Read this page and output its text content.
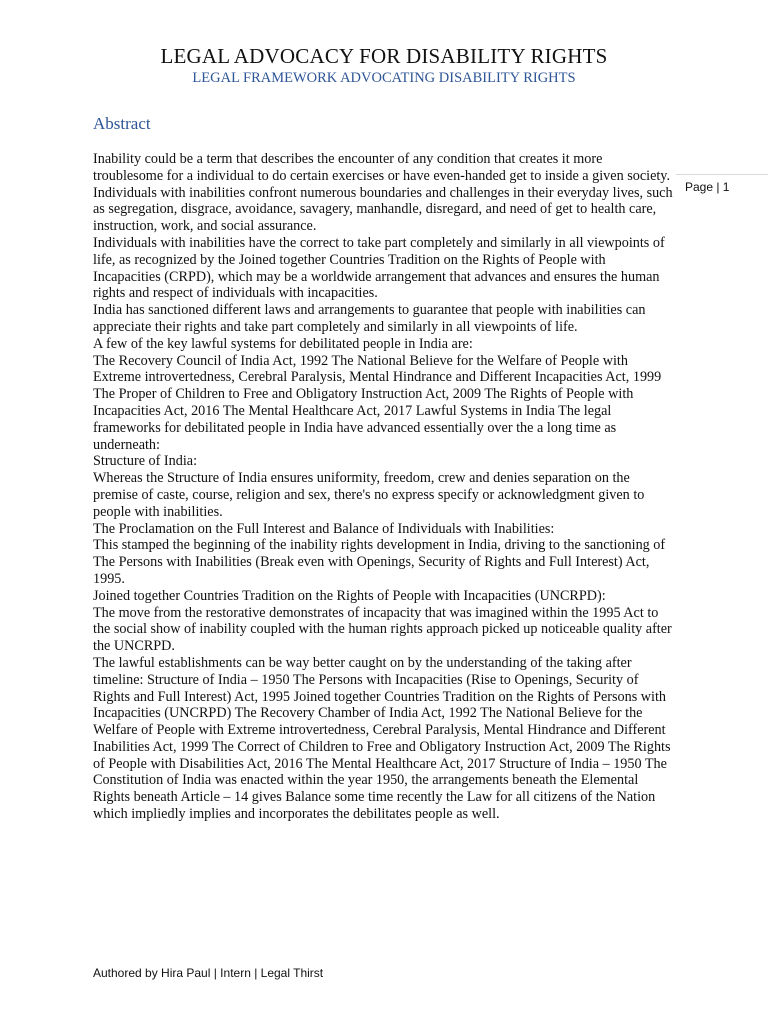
LEGAL ADVOCACY FOR DISABILITY RIGHTS
LEGAL FRAMEWORK ADVOCATING DISABILITY RIGHTS
Abstract

Inability could be a term that describes the encounter of any condition that creates it more troublesome for a individual to do certain exercises or have even-handed get to inside a given society. Individuals with inabilities confront numerous boundaries and challenges in their everyday lives, such as segregation, disgrace, avoidance, savagery, manhandle, disregard, and need of get to health care, instruction, work, and social assurance.

Individuals with inabilities have the correct to take part completely and similarly in all viewpoints of life, as recognized by the Joined together Countries Tradition on the Rights of People with Incapacities (CRPD), which may be a worldwide arrangement that advances and ensures the human rights and respect of individuals with incapacities.

India has sanctioned different laws and arrangements to guarantee that people with inabilities can appreciate their rights and take part completely and similarly in all viewpoints of life.

A few of the key lawful systems for debilitated people in India are:

The Recovery Council of India Act, 1992 The National Believe for the Welfare of People with Extreme introvertedness, Cerebral Paralysis, Mental Hindrance and Different Incapacities Act, 1999 The Proper of Children to Free and Obligatory Instruction Act, 2009 The Rights of People with Incapacities Act, 2016 The Mental Healthcare Act, 2017 Lawful Systems in India The legal frameworks for debilitated people in India have advanced essentially over the a long time as underneath:

Structure of India:

Whereas the Structure of India ensures uniformity, freedom, crew and denies separation on the premise of caste, course, religion and sex, there's no express specify or acknowledgment given to people with inabilities.

The Proclamation on the Full Interest and Balance of Individuals with Inabilities:

This stamped the beginning of the inability rights development in India, driving to the sanctioning of The Persons with Inabilities (Break even with Openings, Security of Rights and Full Interest) Act, 1995.

Joined together Countries Tradition on the Rights of People with Incapacities (UNCRPD):

The move from the restorative demonstrates of incapacity that was imagined within the 1995 Act to the social show of inability coupled with the human rights approach picked up noticeable quality after the UNCRPD.

The lawful establishments can be way better caught on by the understanding of the taking after timeline: Structure of India – 1950 The Persons with Incapacities (Rise to Openings, Security of Rights and Full Interest) Act, 1995 Joined together Countries Tradition on the Rights of Persons with Incapacities (UNCRPD) The Recovery Chamber of India Act, 1992 The National Believe for the Welfare of People with Extreme introvertedness, Cerebral Paralysis, Mental Hindrance and Different Inabilities Act, 1999 The Correct of Children to Free and Obligatory Instruction Act, 2009 The Rights of People with Disabilities Act, 2016 The Mental Healthcare Act, 2017 Structure of India – 1950 The Constitution of India was enacted within the year 1950, the arrangements beneath the Elemental Rights beneath Article – 14 gives Balance some time recently the Law for all citizens of the Nation which impliedly implies and incorporates the debilitates people as well.

Page | 1
Authored by Hira Paul | Intern | Legal Thirst
